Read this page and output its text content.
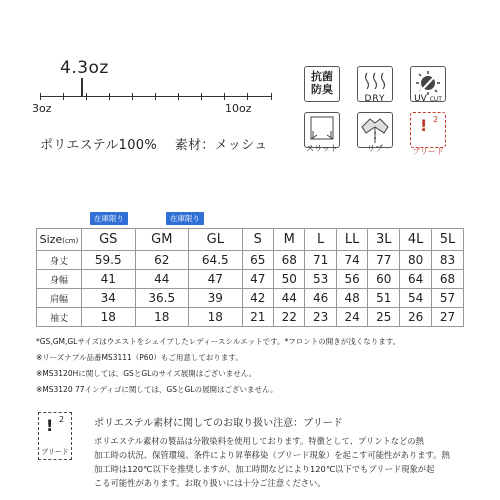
4.3oz
3oz	10oz
ポリエステル100%　 素材：メッシュ
抗菌
防臭
DRY	UV CUT
スリット	リブ
! 2
ブリード
在庫限り	在庫限り
Size(cm)	GS	GM	GL	S	M	L	LL	3L	4L	5L
身丈	59.5	62	64.5	65	68	71	74	77	80	83
身幅	41	44	47	47	50	53	56	60	64	68
肩幅	34	36.5	39	42	44	46	48	51	54	57
袖丈	18	18	18	21	22	23	24	25	26	27
*GS,GM,GLサイズはウエストをシェイプしたレディースシルエットです。*フロントの開きが浅くなります。
※リーズナブル品番MS3111（P60）もご用意しております。
※MS3120Hに関しては、GSとGLのサイズ展開はございません。
※MS3120 77インディゴに関しては、GSとGLの展開はございません。
! 2
ブリード
ポリエステル素材に関してのお取り扱い注意：ブリード
ポリエステル素材の製品は分散染料を使用しております。特徴として、プリントなどの熱
加工時の状況、保管環境、条件により昇華移染（ブリード現象）を起こす可能性があります。熱
加工時は120℃以下を推奨しますが、加工時間などにより120℃以下でもブリード現象が起
こる可能性があります。お取り扱いには十分ご注意ください。
